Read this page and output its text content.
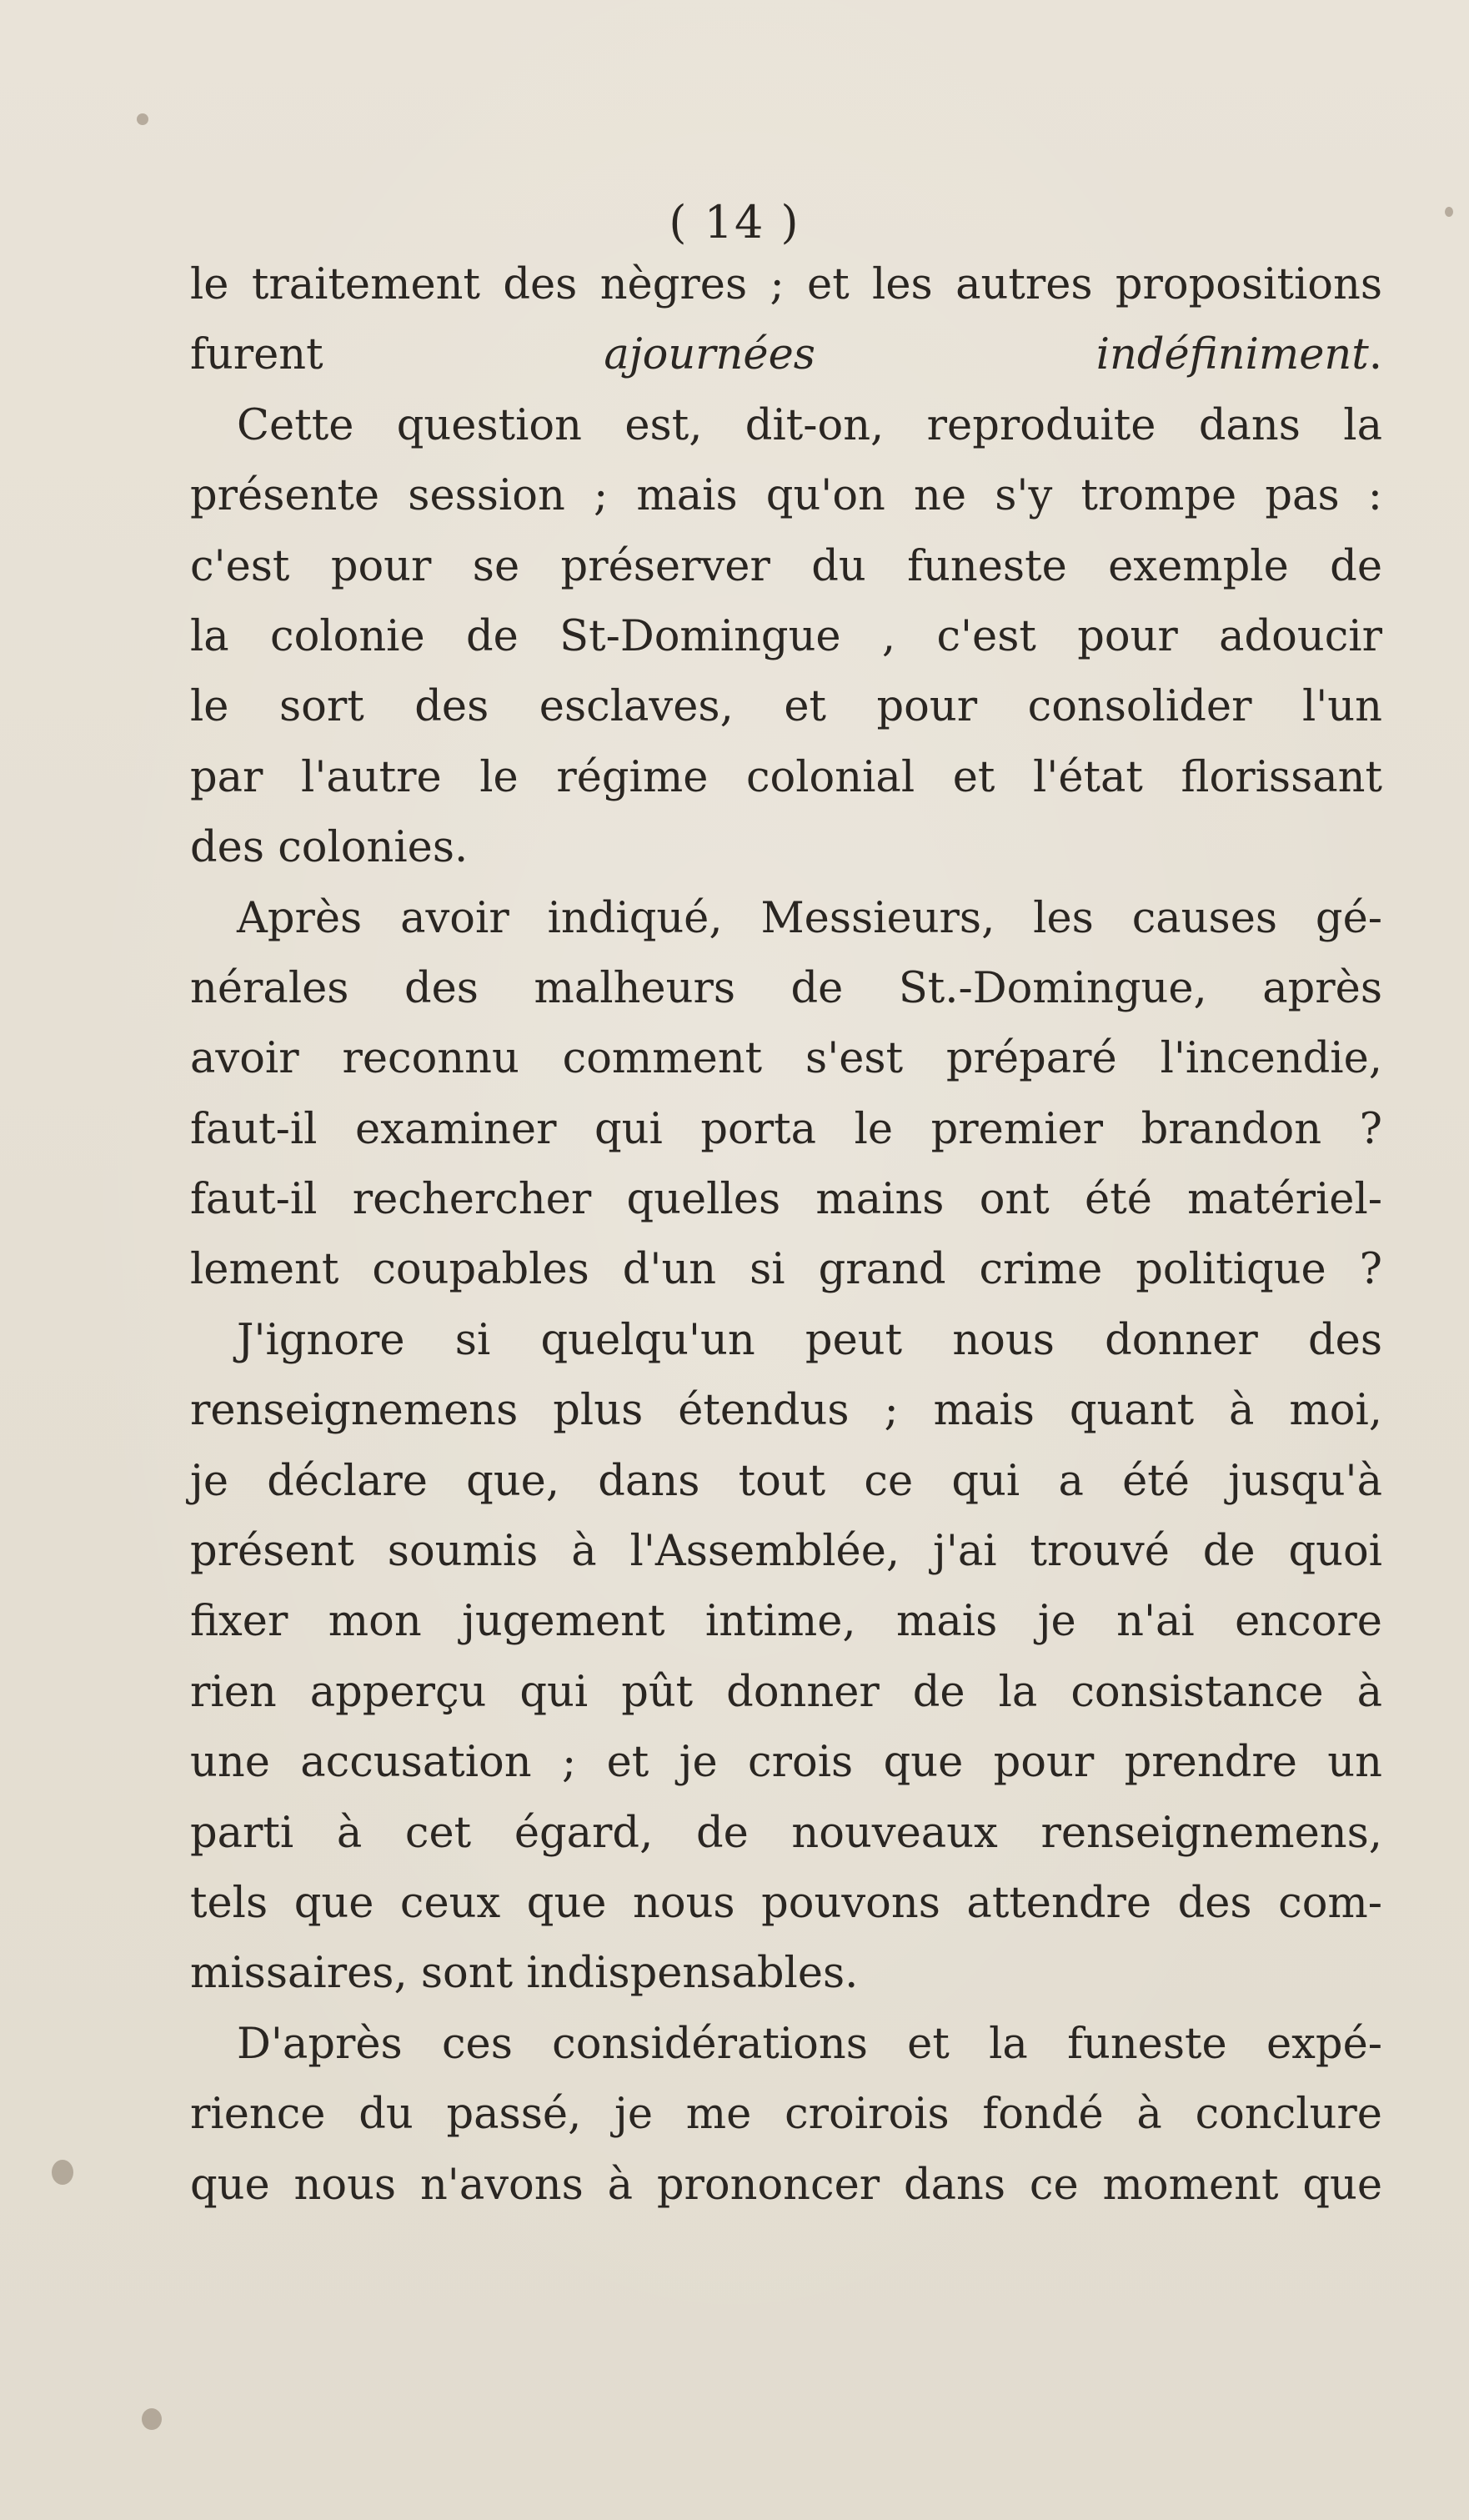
( 14 )
le traitement des nègres ; et les autres propositions
furent ajournées indéfiniment.
Cette question est, dit-on, reproduite dans la
présente session ; mais qu'on ne s'y trompe pas :
c'est pour se préserver du funeste exemple de
la colonie de St-Domingue , c'est pour adoucir
le sort des esclaves, et pour consolider l'un
par l'autre le régime colonial et l'état florissant
des colonies.
Après avoir indiqué, Messieurs, les causes gé-
nérales des malheurs de St.-Domingue, après
avoir reconnu comment s'est préparé l'incendie,
faut-il examiner qui porta le premier brandon ?
faut-il rechercher quelles mains ont été matériel-
lement coupables d'un si grand crime politique ?
J'ignore si quelqu'un peut nous donner des
renseignemens plus étendus ; mais quant à moi,
je déclare que, dans tout ce qui a été jusqu'à
présent soumis à l'Assemblée, j'ai trouvé de quoi
fixer mon jugement intime, mais je n'ai encore
rien apperçu qui pût donner de la consistance à
une accusation ; et je crois que pour prendre un
parti à cet égard, de nouveaux renseignemens,
tels que ceux que nous pouvons attendre des com-
missaires, sont indispensables.
D'après ces considérations et la funeste expé-
rience du passé, je me croirois fondé à conclure
que nous n'avons à prononcer dans ce moment que
